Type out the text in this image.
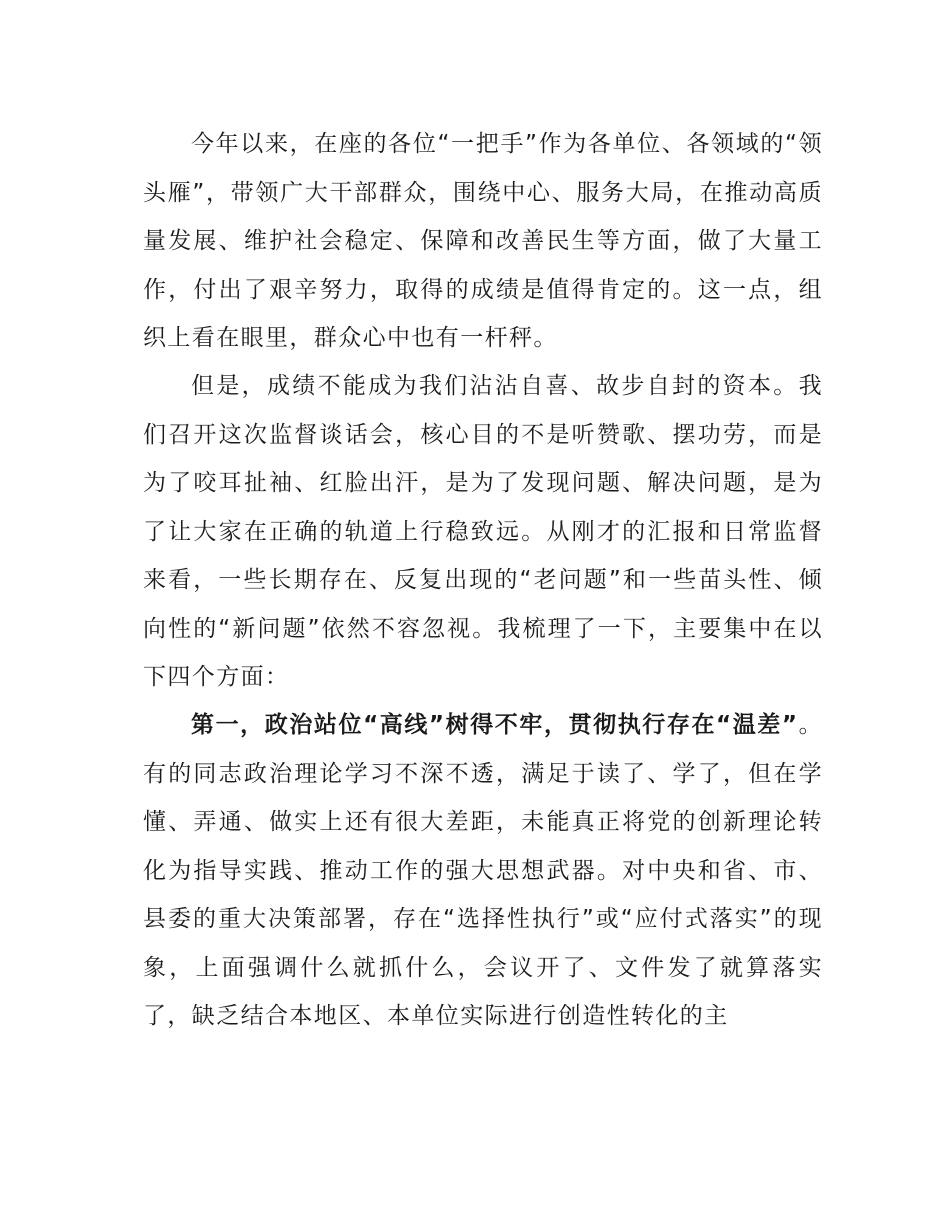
今年以来，在座的各位“一把手”作为各单位、各领域的“领头雁”，带领广大干部群众，围绕中心、服务大局，在推动高质量发展、维护社会稳定、保障和改善民生等方面，做了大量工作，付出了艰辛努力，取得的成绩是值得肯定的。这一点，组织上看在眼里，群众心中也有一杆秤。

但是，成绩不能成为我们沾沾自喜、故步自封的资本。我们召开这次监督谈话会，核心目的不是听赞歌、摆功劳，而是为了咬耳扯袖、红脸出汗，是为了发现问题、解决问题，是为了让大家在正确的轨道上行稳致远。从刚才的汇报和日常监督来看，一些长期存在、反复出现的“老问题”和一些苗头性、倾向性的“新问题”依然不容忽视。我梳理了一下，主要集中在以下四个方面：

第一，政治站位“高线”树得不牢，贯彻执行存在“温差”。有的同志政治理论学习不深不透，满足于读了、学了，但在学懂、弄通、做实上还有很大差距，未能真正将党的创新理论转化为指导实践、推动工作的强大思想武器。对中央和省、市、县委的重大决策部署，存在“选择性执行”或“应付式落实”的现象，上面强调什么就抓什么，会议开了、文件发了就算落实了，缺乏结合本地区、本单位实际进行创造性转化的主
